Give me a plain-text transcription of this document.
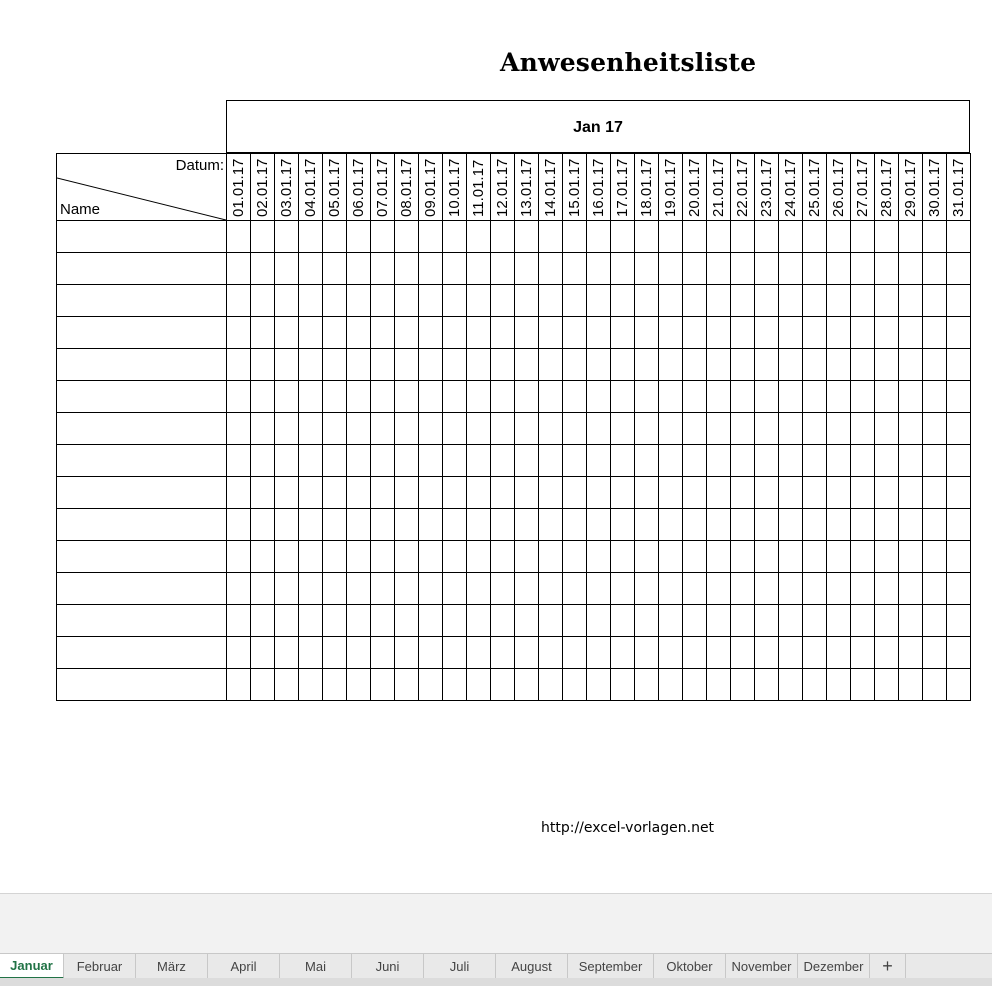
Anwesenheitsliste
Jan 17
Datum:
Name	01.01.17	02.01.17	03.01.17	04.01.17	05.01.17	06.01.17	07.01.17	08.01.17	09.01.17	10.01.17	11.01.17	12.01.17	13.01.17	14.01.17	15.01.17	16.01.17	17.01.17	18.01.17	19.01.17	20.01.17	21.01.17	22.01.17	23.01.17	24.01.17	25.01.17	26.01.17	27.01.17	28.01.17	29.01.17	30.01.17	31.01.17

http://excel-vorlagen.net
Januar	Februar	März	April	Mai	Juni	Juli	August	September	Oktober	November Dezember	+
